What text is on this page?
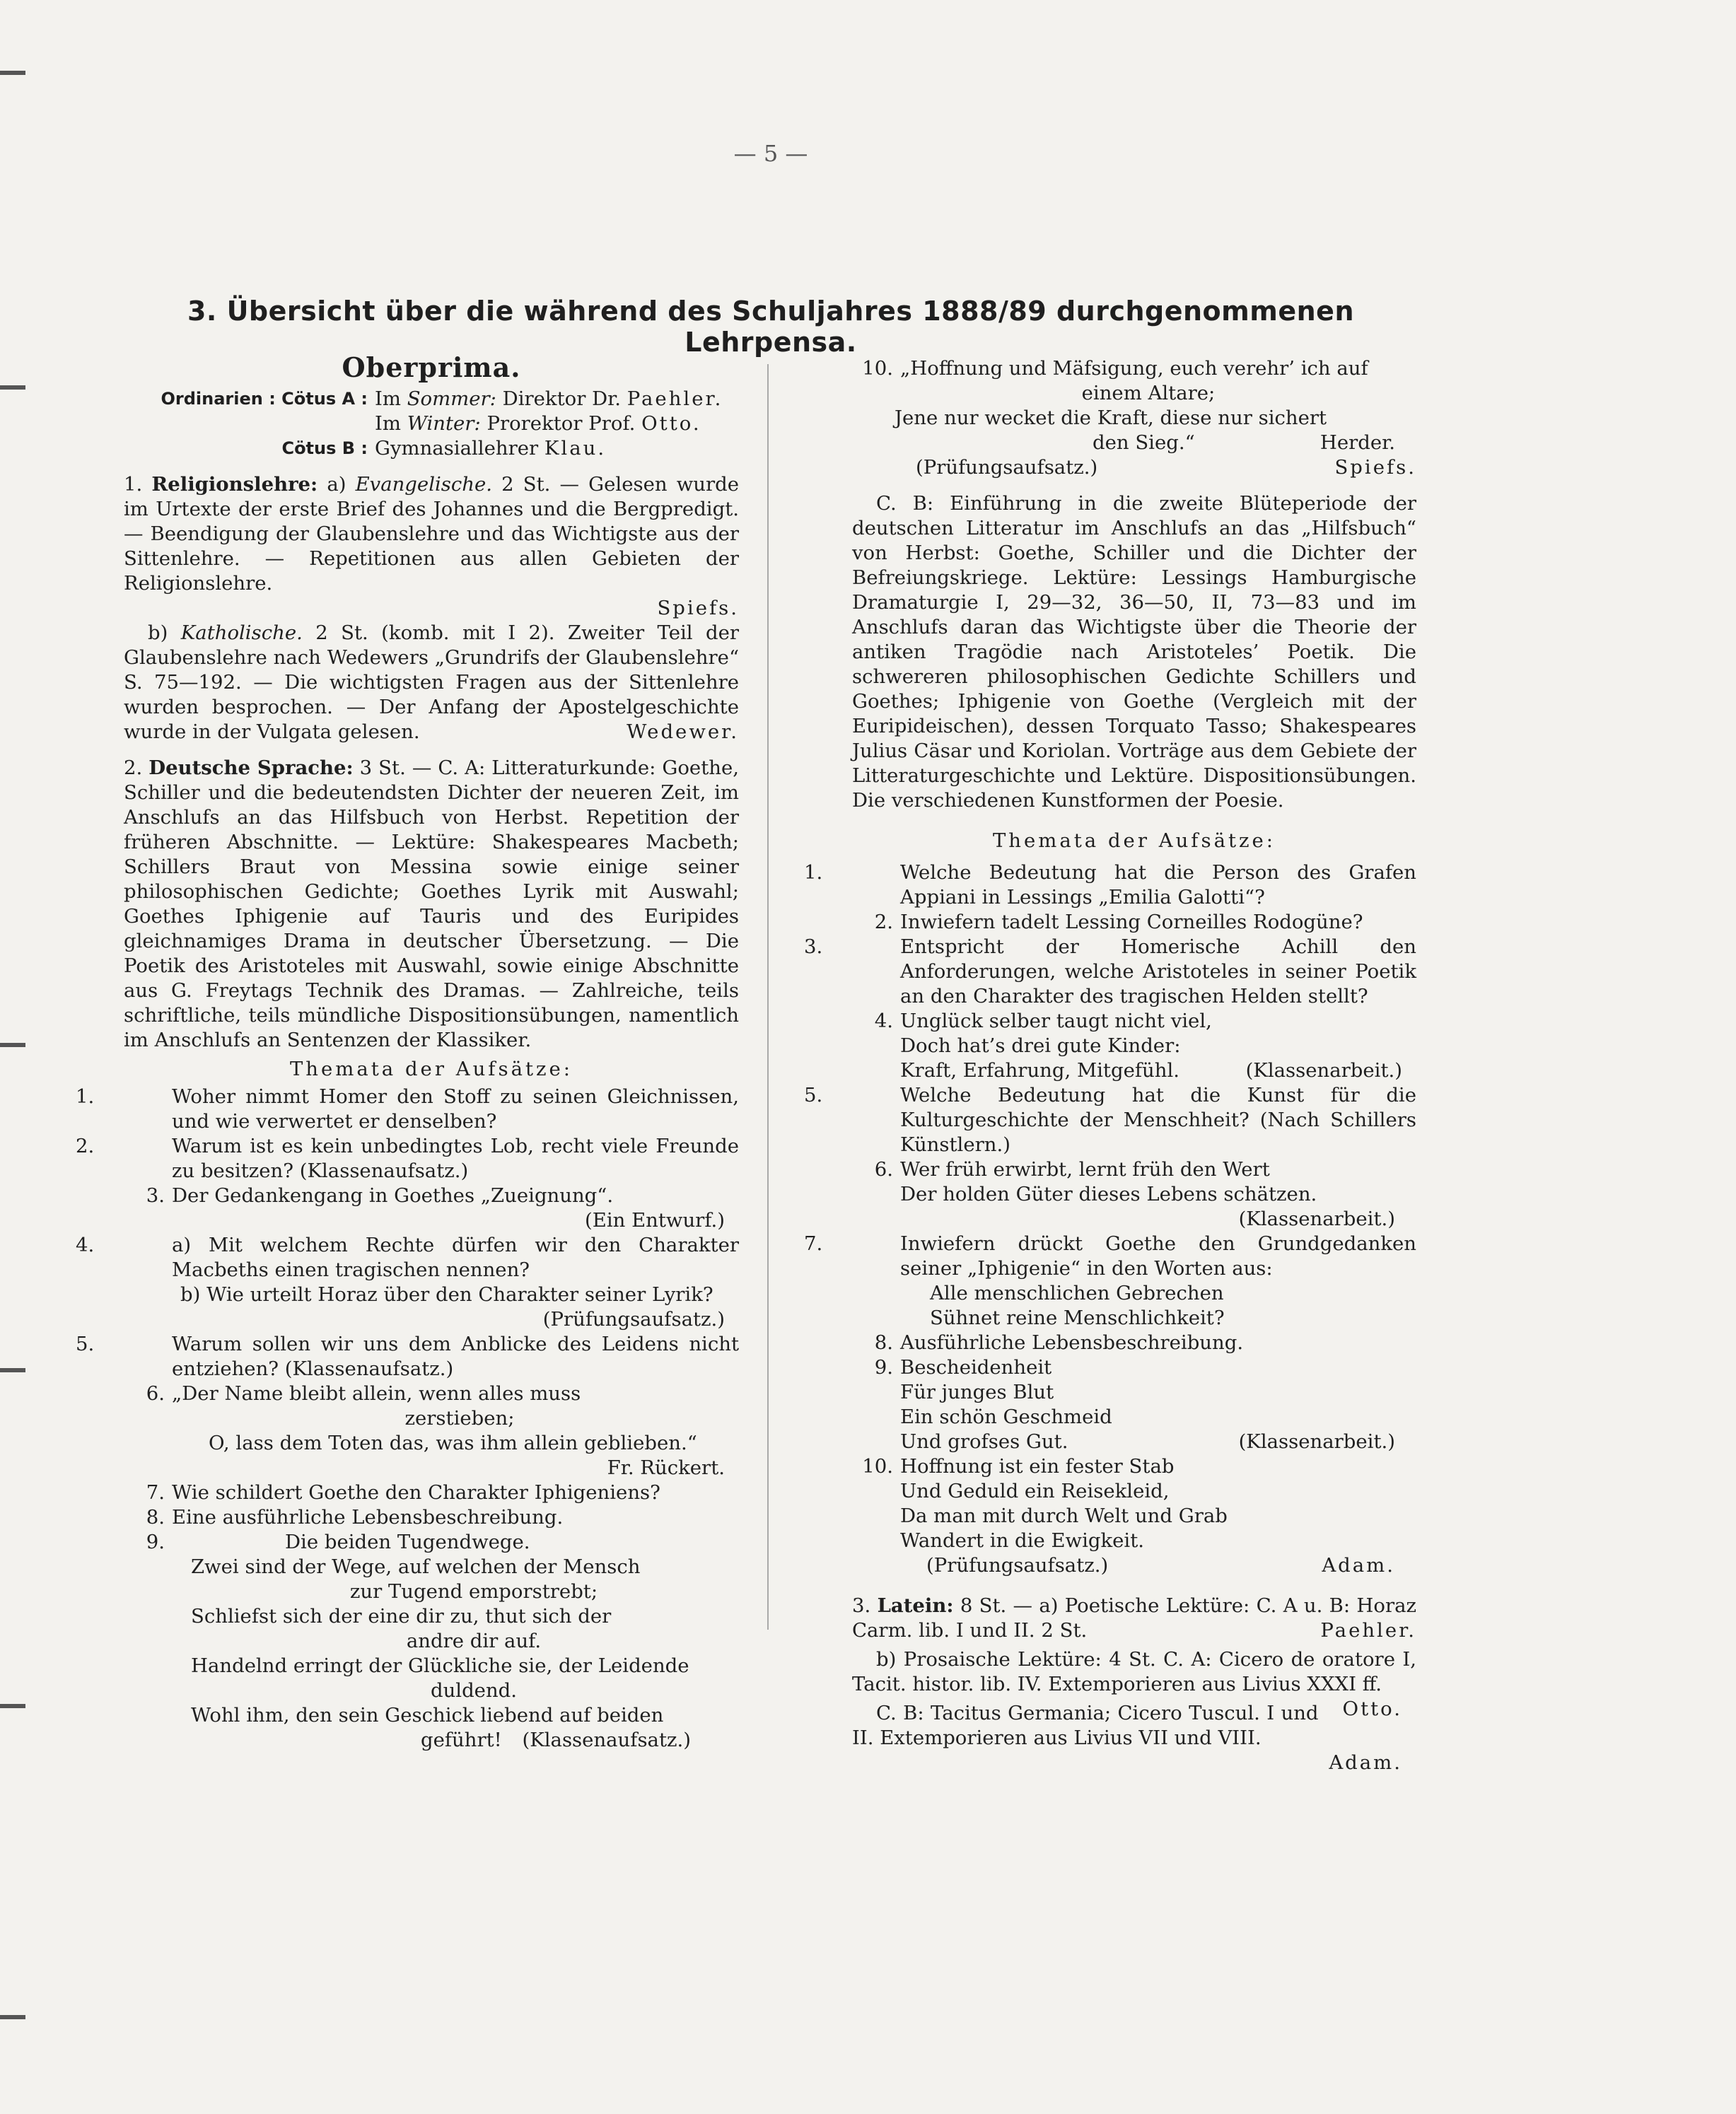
— 5 —
3. Übersicht über die während des Schuljahres 1888/89 durchgenommenen Lehrpensa.
Oberprima.
Ordinarien : Cötus A : Im Sommer: Direktor Dr. Paehler.
Im Winter: Prorektor Prof. Otto.
Cötus B : Gymnasiallehrer Klau.
1. Religionslehre: a) Evangelische. 2 St. — Gelesen wurde im Urtexte der erste Brief des Johannes und die Bergpredigt. — Beendigung der Glaubenslehre und das Wichtigste aus der Sittenlehre. — Repetitionen aus allen Gebieten der Religionslehre.
Spiefs.
b) Katholische. 2 St. (komb. mit I 2). Zweiter Teil der Glaubenslehre nach Wedewers „Grundrifs der Glaubenslehre“ S. 75—192. — Die wichtigsten Fragen aus der Sittenlehre wurden besprochen. — Der Anfang der Apostelgeschichte wurde in der Vulgata gelesen.	Wedewer.
2. Deutsche Sprache: 3 St. — C. A: Litteraturkunde: Goethe, Schiller und die bedeutendsten Dichter der neueren Zeit, im Anschlufs an das Hilfsbuch von Herbst. Repetition der früheren Abschnitte. — Lektüre: Shakespeares Macbeth; Schillers Braut von Messina sowie einige seiner philosophischen Gedichte; Goethes Lyrik mit Auswahl; Goethes Iphigenie auf Tauris und des Euripides gleichnamiges Drama in deutscher Übersetzung. — Die Poetik des Aristoteles mit Auswahl, sowie einige Abschnitte aus G. Freytags Technik des Dramas. — Zahlreiche, teils schriftliche, teils mündliche Dispositionsübungen, namentlich im Anschlufs an Sentenzen der Klassiker.
Themata der Aufsätze:
1.	Woher nimmt Homer den Stoff zu seinen Gleichnissen, und wie verwertet er denselben?
2.	Warum ist es kein unbedingtes Lob, recht viele Freunde zu besitzen? (Klassenaufsatz.)
3. Der Gedankengang in Goethes „Zueignung“.
(Ein Entwurf.)
4.	a) Mit welchem Rechte dürfen wir den Charakter Macbeths einen tragischen nennen?
b) Wie urteilt Horaz über den Charakter seiner Lyrik?
(Prüfungsaufsatz.)
5.	Warum sollen wir uns dem Anblicke des Leidens nicht entziehen? (Klassenaufsatz.)
6. „Der Name bleibt allein, wenn alles muss
zerstieben;
O, lass dem Toten das, was ihm allein geblieben.“
Fr. Rückert.
7. Wie schildert Goethe den Charakter Iphigeniens?
8. Eine ausführliche Lebensbeschreibung.
9.	Die beiden Tugendwege.
Zwei sind der Wege, auf welchen der Mensch
zur Tugend emporstrebt;
Schliefst sich der eine dir zu, thut sich der
andre dir auf.
Handelnd erringt der Glückliche sie, der Leidende
duldend.
Wohl ihm, den sein Geschick liebend auf beiden
geführt! (Klassenaufsatz.)
10. „Hoffnung und Mäfsigung, euch verehr’ ich auf
einem Altare;
Jene nur wecket die Kraft, diese nur sichert
den Sieg.“	Herder.
(Prüfungsaufsatz.)	Spiefs.
C. B: Einführung in die zweite Blüteperiode der deutschen Litteratur im Anschlufs an das „Hilfsbuch“ von Herbst: Goethe, Schiller und die Dichter der Befreiungskriege. Lektüre: Lessings Hamburgische Dramaturgie I, 29—32, 36—50, II, 73—83 und im Anschlufs daran das Wichtigste über die Theorie der antiken Tragödie nach Aristoteles’ Poetik. Die schwereren philosophischen Gedichte Schillers und Goethes; Iphigenie von Goethe (Vergleich mit der Euripideischen), dessen Torquato Tasso; Shakespeares Julius Cäsar und Koriolan. Vorträge aus dem Gebiete der Litteraturgeschichte und Lektüre. Dispositionsübungen. Die verschiedenen Kunstformen der Poesie.
Themata der Aufsätze:
1.	Welche Bedeutung hat die Person des Grafen Appiani in Lessings „Emilia Galotti“?
2. Inwiefern tadelt Lessing Corneilles Rodogüne?
3.	Entspricht der Homerische Achill den Anforderungen, welche Aristoteles in seiner Poetik an den Charakter des tragischen Helden stellt?
4. Unglück selber taugt nicht viel,
Doch hat’s drei gute Kinder:
Kraft, Erfahrung, Mitgefühl.	(Klassenarbeit.)
5.	Welche Bedeutung hat die Kunst für die Kulturgeschichte der Menschheit? (Nach Schillers Künstlern.)
6. Wer früh erwirbt, lernt früh den Wert
Der holden Güter dieses Lebens schätzen.
(Klassenarbeit.)
7.	Inwiefern drückt Goethe den Grundgedanken seiner „Iphigenie“ in den Worten aus:
Alle menschlichen Gebrechen
Sühnet reine Menschlichkeit?
8. Ausführliche Lebensbeschreibung.
9. Bescheidenheit
Für junges Blut
Ein schön Geschmeid
Und grofses Gut.	(Klassenarbeit.)
10. Hoffnung ist ein fester Stab
Und Geduld ein Reisekleid,
Da man mit durch Welt und Grab
Wandert in die Ewigkeit.
(Prüfungsaufsatz.)	Adam.
3. Latein: 8 St. — a) Poetische Lektüre: C. A u. B: Horaz Carm. lib. I und II. 2 St.	Paehler.
b) Prosaische Lektüre: 4 St. C. A: Cicero de oratore I, Tacit. histor. lib. IV. Extemporieren aus Livius XXXI ff.
Otto.
C. B: Tacitus Germania; Cicero Tuscul. I und II. Extemporieren aus Livius VII und VIII.
Adam.
